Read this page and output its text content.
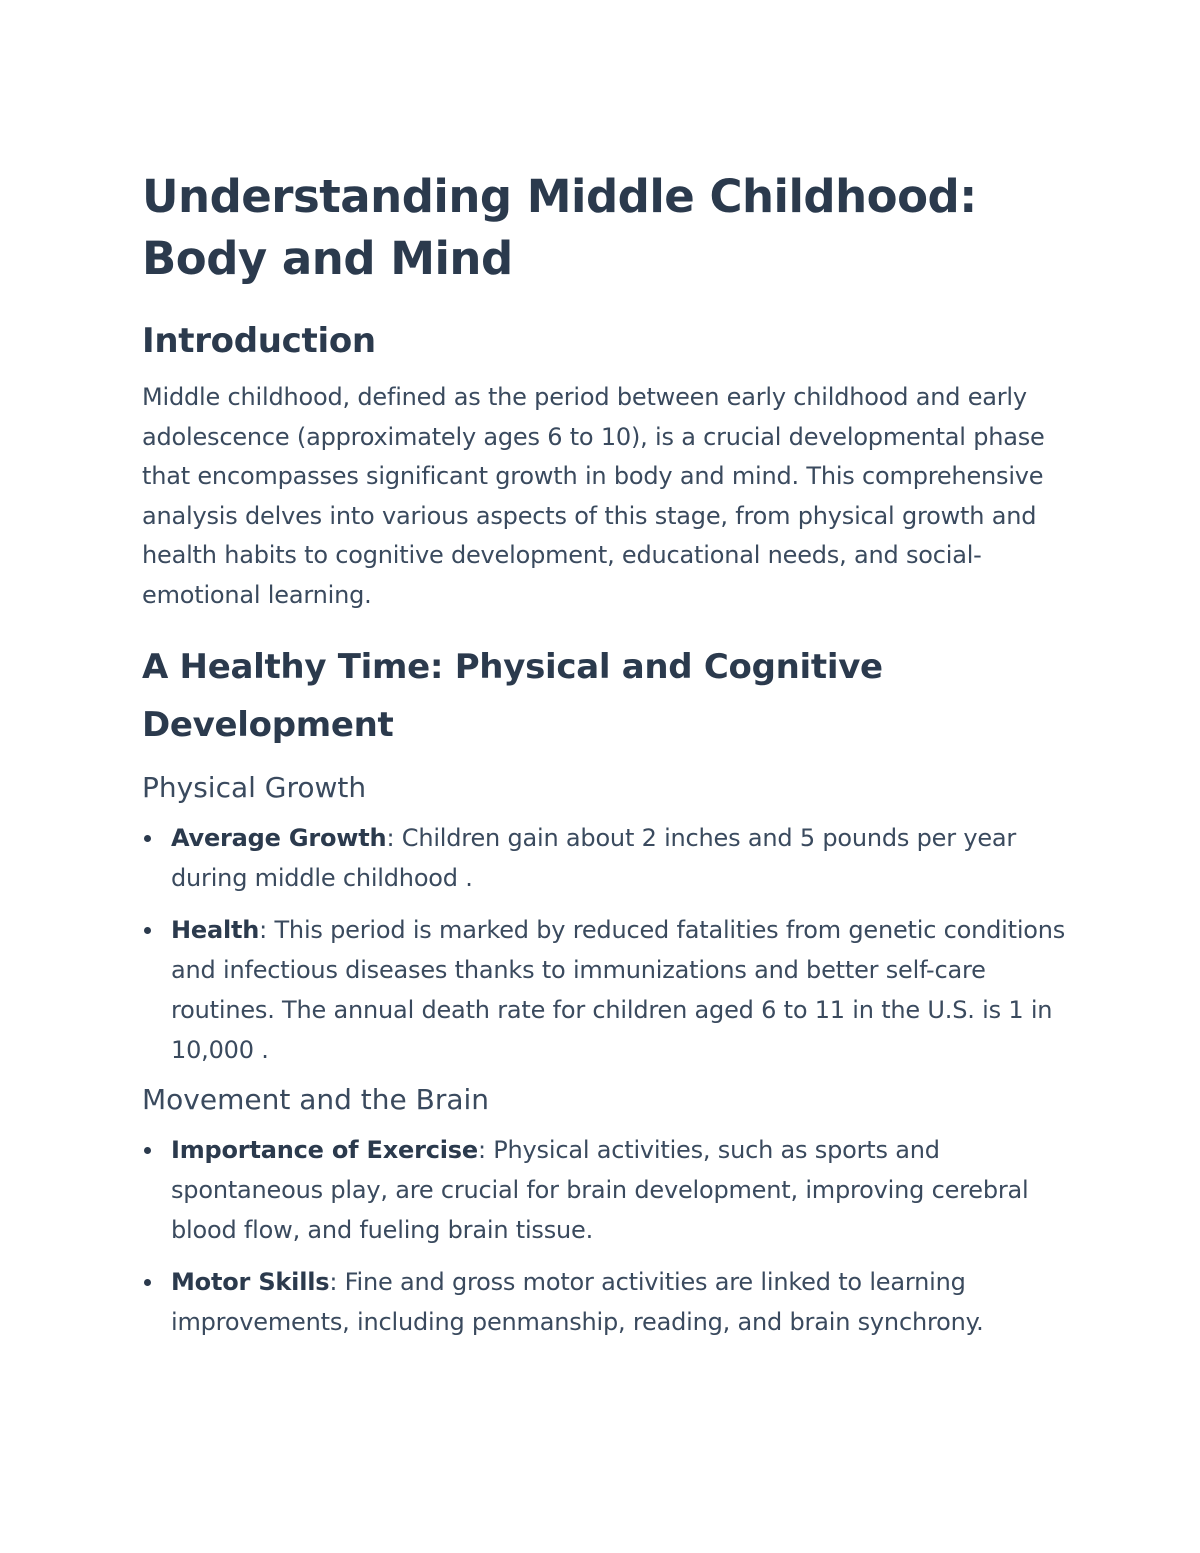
Understanding Middle Childhood: Body and Mind
Introduction

Middle childhood, defined as the period between early childhood and early adolescence (approximately ages 6 to 10), is a crucial developmental phase that encompasses significant growth in body and mind. This comprehensive analysis delves into various aspects of this stage, from physical growth and health habits to cognitive development, educational needs, and social-emotional learning.

A Healthy Time: Physical and Cognitive Development
Physical Growth
Average Growth: Children gain about 2 inches and 5 pounds per year during middle childhood .
Health: This period is marked by reduced fatalities from genetic conditions and infectious diseases thanks to immunizations and better self-care routines. The annual death rate for children aged 6 to 11 in the U.S. is 1 in 10,000 .
Movement and the Brain
Importance of Exercise: Physical activities, such as sports and spontaneous play, are crucial for brain development, improving cerebral blood flow, and fueling brain tissue.
Motor Skills: Fine and gross motor activities are linked to learning improvements, including penmanship, reading, and brain synchrony.
